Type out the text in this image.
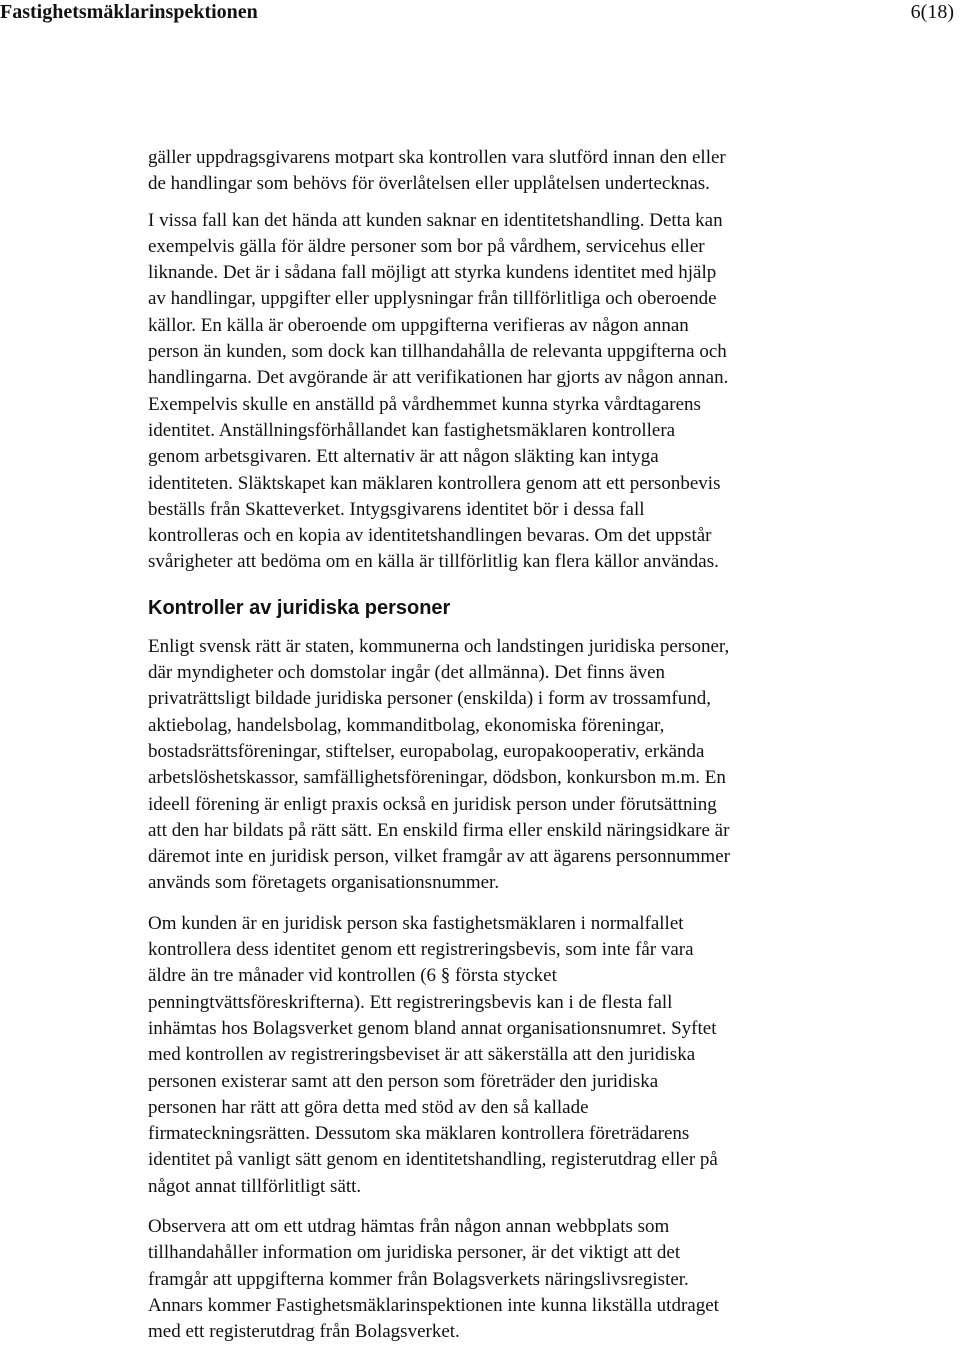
Fastighetsmäklarinspektionen	6(18)

gäller uppdragsgivarens motpart ska kontrollen vara slutförd innan den eller
de handlingar som behövs för överlåtelsen eller upplåtelsen undertecknas.

I vissa fall kan det hända att kunden saknar en identitetshandling. Detta kan
exempelvis gälla för äldre personer som bor på vårdhem, servicehus eller
liknande. Det är i sådana fall möjligt att styrka kundens identitet med hjälp
av handlingar, uppgifter eller upplysningar från tillförlitliga och oberoende
källor. En källa är oberoende om uppgifterna verifieras av någon annan
person än kunden, som dock kan tillhandahålla de relevanta uppgifterna och
handlingarna. Det avgörande är att verifikationen har gjorts av någon annan.
Exempelvis skulle en anställd på vårdhemmet kunna styrka vårdtagarens
identitet. Anställningsförhållandet kan fastighetsmäklaren kontrollera
genom arbetsgivaren. Ett alternativ är att någon släkting kan intyga
identiteten. Släktskapet kan mäklaren kontrollera genom att ett personbevis
beställs från Skatteverket. Intygsgivarens identitet bör i dessa fall
kontrolleras och en kopia av identitetshandlingen bevaras. Om det uppstår
svårigheter att bedöma om en källa är tillförlitlig kan flera källor användas.

Kontroller av juridiska personer

Enligt svensk rätt är staten, kommunerna och landstingen juridiska personer,
där myndigheter och domstolar ingår (det allmänna). Det finns även
privaträttsligt bildade juridiska personer (enskilda) i form av trossamfund,
aktiebolag, handelsbolag, kommanditbolag, ekonomiska föreningar,
bostadsrättsföreningar, stiftelser, europabolag, europakooperativ, erkända
arbetslöshetskassor, samfällighetsföreningar, dödsbon, konkursbon m.m. En
ideell förening är enligt praxis också en juridisk person under förutsättning
att den har bildats på rätt sätt. En enskild firma eller enskild näringsidkare är
däremot inte en juridisk person, vilket framgår av att ägarens personnummer
används som företagets organisationsnummer.

Om kunden är en juridisk person ska fastighetsmäklaren i normalfallet
kontrollera dess identitet genom ett registreringsbevis, som inte får vara
äldre än tre månader vid kontrollen (6 § första stycket
penningtvättsföreskrifterna). Ett registreringsbevis kan i de flesta fall
inhämtas hos Bolagsverket genom bland annat organisationsnumret. Syftet
med kontrollen av registreringsbeviset är att säkerställa att den juridiska
personen existerar samt att den person som företräder den juridiska
personen har rätt att göra detta med stöd av den så kallade
firmateckningsrätten. Dessutom ska mäklaren kontrollera företrädarens
identitet på vanligt sätt genom en identitetshandling, registerutdrag eller på
något annat tillförlitligt sätt.

Observera att om ett utdrag hämtas från någon annan webbplats som
tillhandahåller information om juridiska personer, är det viktigt att det
framgår att uppgifterna kommer från Bolagsverkets näringslivsregister.
Annars kommer Fastighetsmäklarinspektionen inte kunna likställa utdraget
med ett registerutdrag från Bolagsverket.
